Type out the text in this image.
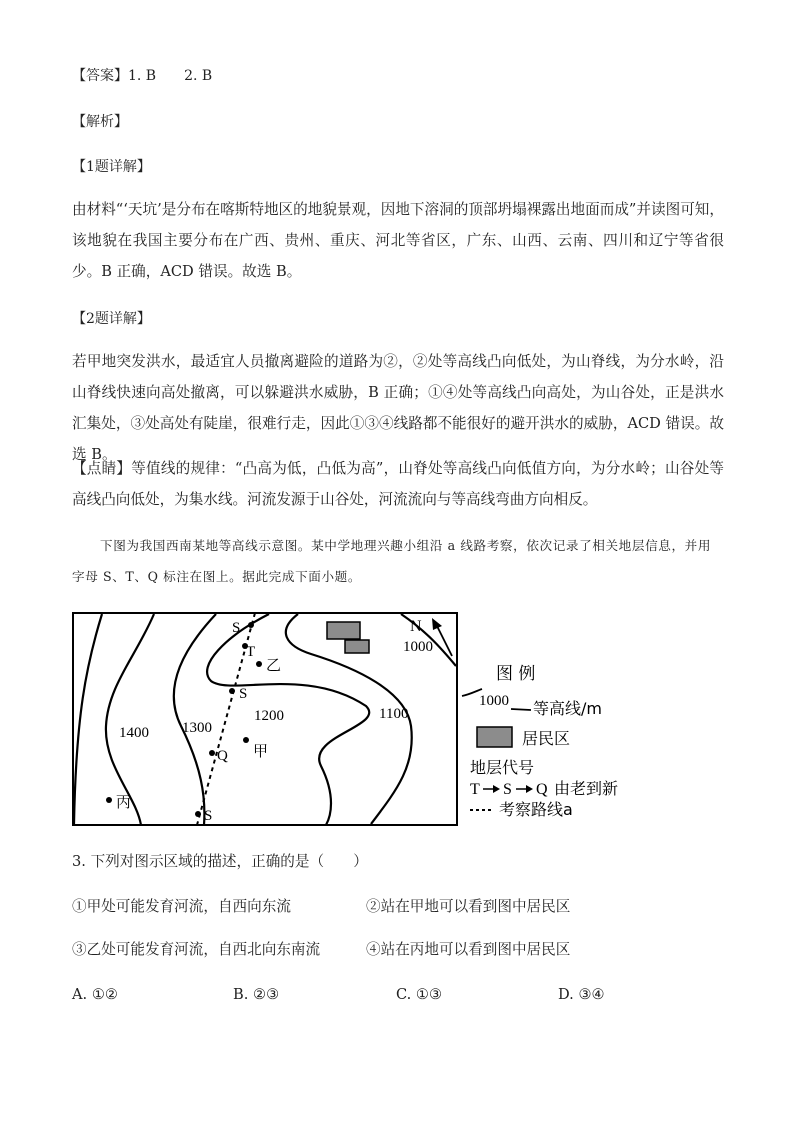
【答案】1. B　　2. B
【解析】
【1题详解】
由材料“‘天坑’是分布在喀斯特地区的地貌景观，因地下溶洞的顶部坍塌裸露出地面而成”并读图可知，该地貌在我国主要分布在广西、贵州、重庆、河北等省区，广东、山西、云南、四川和辽宁等省很少。B 正确，ACD 错误。故选 B。
【2题详解】
若甲地突发洪水，最适宜人员撤离避险的道路为②，②处等高线凸向低处，为山脊线，为分水岭，沿山脊线快速向高处撤离，可以躲避洪水威胁，B 正确；①④处等高线凸向高处，为山谷处，正是洪水汇集处，③处高处有陡崖，很难行走，因此①③④线路都不能很好的避开洪水的威胁，ACD 错误。故选 B。
【点睛】等值线的规律：“凸高为低，凸低为高”，山脊处等高线凸向低值方向，为分水岭；山谷处等高线凸向低处，为集水线。河流发源于山谷处，河流流向与等高线弯曲方向相反。
下图为我国西南某地等高线示意图。某中学地理兴趣小组沿 a 线路考察，依次记录了相关地层信息，并用字母 S、T、Q 标注在图上。据此完成下面小题。
N
1400 1300
1200	1100
1000
S
T
S
Q
S
乙
甲
丙
图 例
1000 等高线/m
居民区
地层代号
T S Q 由老到新
考察路线a
3. 下列对图示区域的描述，正确的是（　　）
①甲处可能发育河流，自西向东流	②站在甲地可以看到图中居民区
③乙处可能发育河流，自西北向东南流	④站在丙地可以看到图中居民区
A. ①②	B. ②③	C. ①③	D. ③④
